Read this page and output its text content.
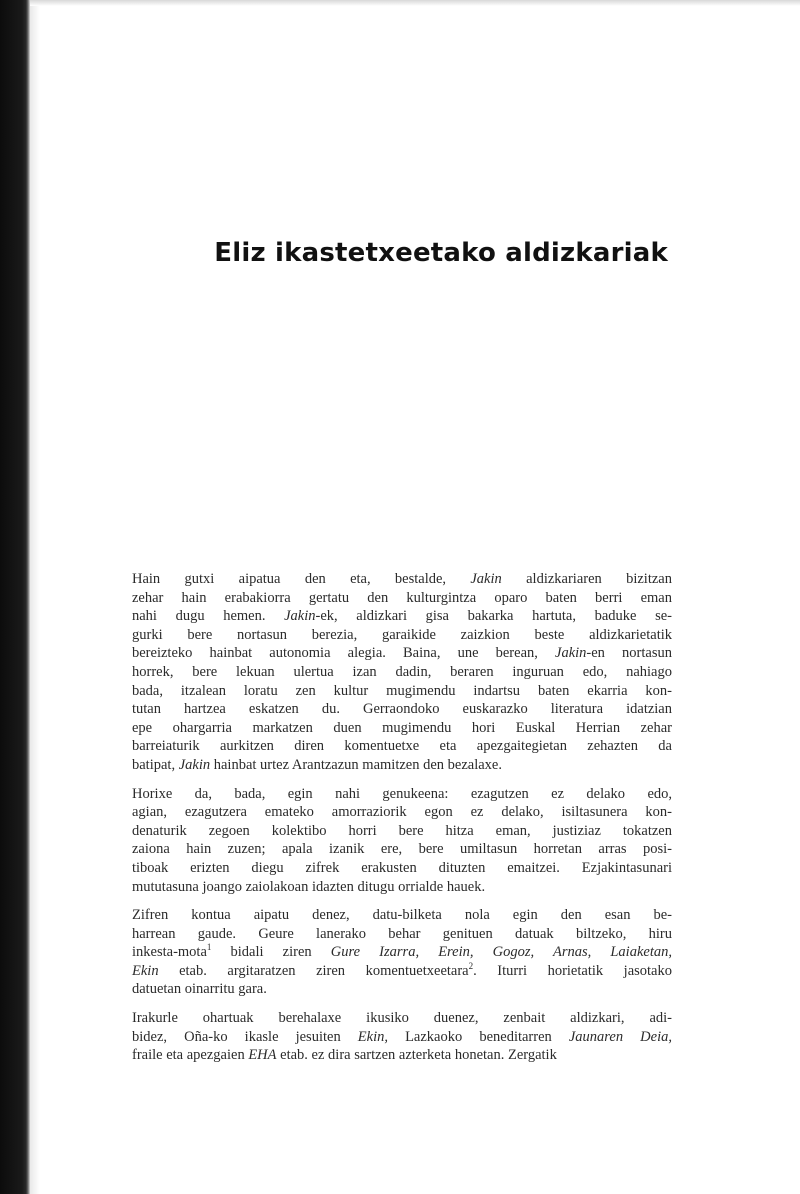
Eliz ikastetxeetako aldizkariak

Hain gutxi aipatua den eta, bestalde, Jakin aldizkariaren bizitzan
zehar hain erabakiorra gertatu den kulturgintza oparo baten berri eman
nahi dugu hemen. Jakin-ek, aldizkari gisa bakarka hartuta, baduke se-
gurki bere nortasun berezia, garaikide zaizkion beste aldizkarietatik
bereizteko hainbat autonomia alegia. Baina, une berean, Jakin-en nortasun
horrek, bere lekuan ulertua izan dadin, beraren inguruan edo, nahiago
bada, itzalean loratu zen kultur mugimendu indartsu baten ekarria kon-
tutan hartzea eskatzen du. Gerraondoko euskarazko literatura idatzian
epe ohargarria markatzen duen mugimendu hori Euskal Herrian zehar
barreiaturik aurkitzen diren komentuetxe eta apezgaitegietan zehazten da
batipat, Jakin hainbat urtez Arantzazun mamitzen den bezalaxe.

Horixe da, bada, egin nahi genukeena: ezagutzen ez delako edo,
agian, ezagutzera emateko amorraziorik egon ez delako, isiltasunera kon-
denaturik zegoen kolektibo horri bere hitza eman, justiziaz tokatzen
zaiona hain zuzen; apala izanik ere, bere umiltasun horretan arras posi-
tiboak erizten diegu zifrek erakusten dituzten emaitzei. Ezjakintasunari
mututasuna joango zaiolakoan idazten ditugu orrialde hauek.

Zifren kontua aipatu denez, datu-bilketa nola egin den esan be-
harrean gaude. Geure lanerako behar genituen datuak biltzeko, hiru
inkesta-mota$^1$ bidali ziren Gure Izarra, Erein, Gogoz, Arnas, Laiaketan,
Ekin etab. argitaratzen ziren komentuetxeetara$^2$. Iturri horietatik jasotako
datuetan oinarritu gara.

Irakurle ohartuak berehalaxe ikusiko duenez, zenbait aldizkari, adi-
bidez, Oña-ko ikasle jesuiten Ekin, Lazkaoko beneditarren Jaunaren Deia,
fraile eta apezgaien EHA etab. ez dira sartzen azterketa honetan. Zergatik
